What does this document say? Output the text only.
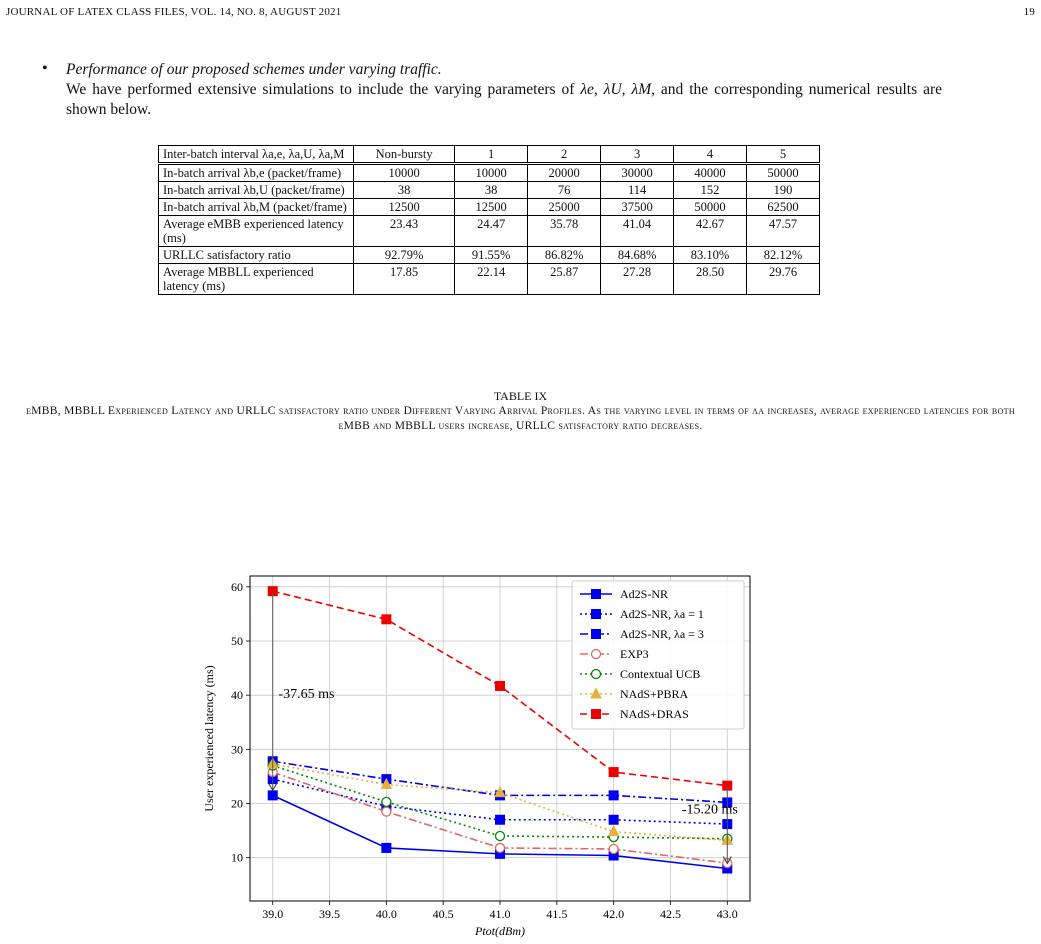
JOURNAL OF LATEX CLASS FILES, VOL. 14, NO. 8, AUGUST 2021	19
• Performance of our proposed schemes under varying traffic.
We have performed extensive simulations to include the varying parameters of λe, λU, λM, and the corresponding numerical results are shown below.
Inter-batch interval λa,e, λa,U, λa,M	Non-bursty	1	2	3	4	5
In-batch arrival λb,e (packet/frame)	10000	10000	20000	30000	40000	50000
In-batch arrival λb,U (packet/frame)	38	38	76	114	152	190
In-batch arrival λb,M (packet/frame)	12500	12500	25000	37500	50000	62500
Average eMBB experienced latency (ms)	23.43	24.47	35.78	41.04	42.67	47.57
URLLC satisfactory ratio	92.79%	91.55%	86.82%	84.68%	83.10%	82.12%
Average MBBLL experienced latency (ms)	17.85	22.14	25.87	27.28	28.50	29.76
TABLE IX
eMBB, MBBLL Experienced Latency and URLLC satisfactory ratio under Different Varying Arrival Profiles. As the varying level in terms of λa increases, average experienced latencies for both eMBB and MBBLL users increase, URLLC satisfactory ratio decreases.
39.0	39.5	40.0	40.5	41.0	41.5	42.0	42.5	43.0
10
20
30
40
50
60
Ptot(dBm)
User experienced latency (ms)	-37.65 ms
-15.20 ms
Ad2S-NR
Ad2S-NR, λa = 1
Ad2S-NR, λa = 3
EXP3
Contextual UCB
NAdS+PBRA
NAdS+DRAS
